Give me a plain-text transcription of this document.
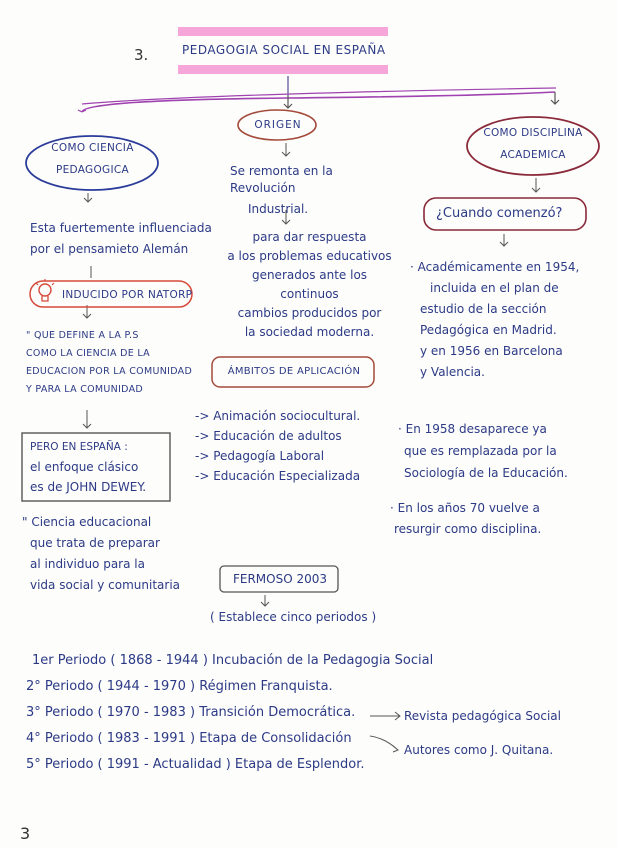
3.	PEDAGOGIA SOCIAL EN ESPAÑA
COMO CIENCIA
PEDAGOGICA
Esta fuertemente influenciada
por el pensamieto Alemán
INDUCIDO POR NATORP
" QUE DEFINE A LA P.S
COMO LA CIENCIA DE LA
EDUCACION POR LA COMUNIDAD
Y PARA LA COMUNIDAD
PERO EN ESPAÑA :
el enfoque clásico
es de JOHN DEWEY.
" Ciencia educacional
que trata de preparar
al individuo para la
vida social y comunitaria
ORIGEN
Se remonta en la Revolución
Industrial.
para dar respuesta
a los problemas educativos
generados ante los continuos
cambios producidos por
la sociedad moderna.
ÁMBITOS DE APLICACIÓN
-> Animación sociocultural.
-> Educación de adultos
-> Pedagogía Laboral
-> Educación Especializada
FERMOSO 2003
( Establece cinco periodos )
COMO DISCIPLINA
ACADEMICA
¿Cuando comenzó?
· Académicamente en 1954,
incluida en el plan de
estudio de la sección
Pedagógica en Madrid.
y en 1956 en Barcelona
y Valencia.
· En 1958 desaparece ya
que es remplazada por la
Sociología de la Educación.
· En los años 70 vuelve a
resurgir como disciplina.
1er Periodo ( 1868 - 1944 ) Incubación de la Pedagogia Social
2° Periodo ( 1944 - 1970 ) Régimen Franquista.
3° Periodo ( 1970 - 1983 ) Transición Democrática.
4° Periodo ( 1983 - 1991 ) Etapa de Consolidación
5° Periodo ( 1991 - Actualidad ) Etapa de Esplendor.
Revista pedagógica Social
Autores como J. Quitana.
3
